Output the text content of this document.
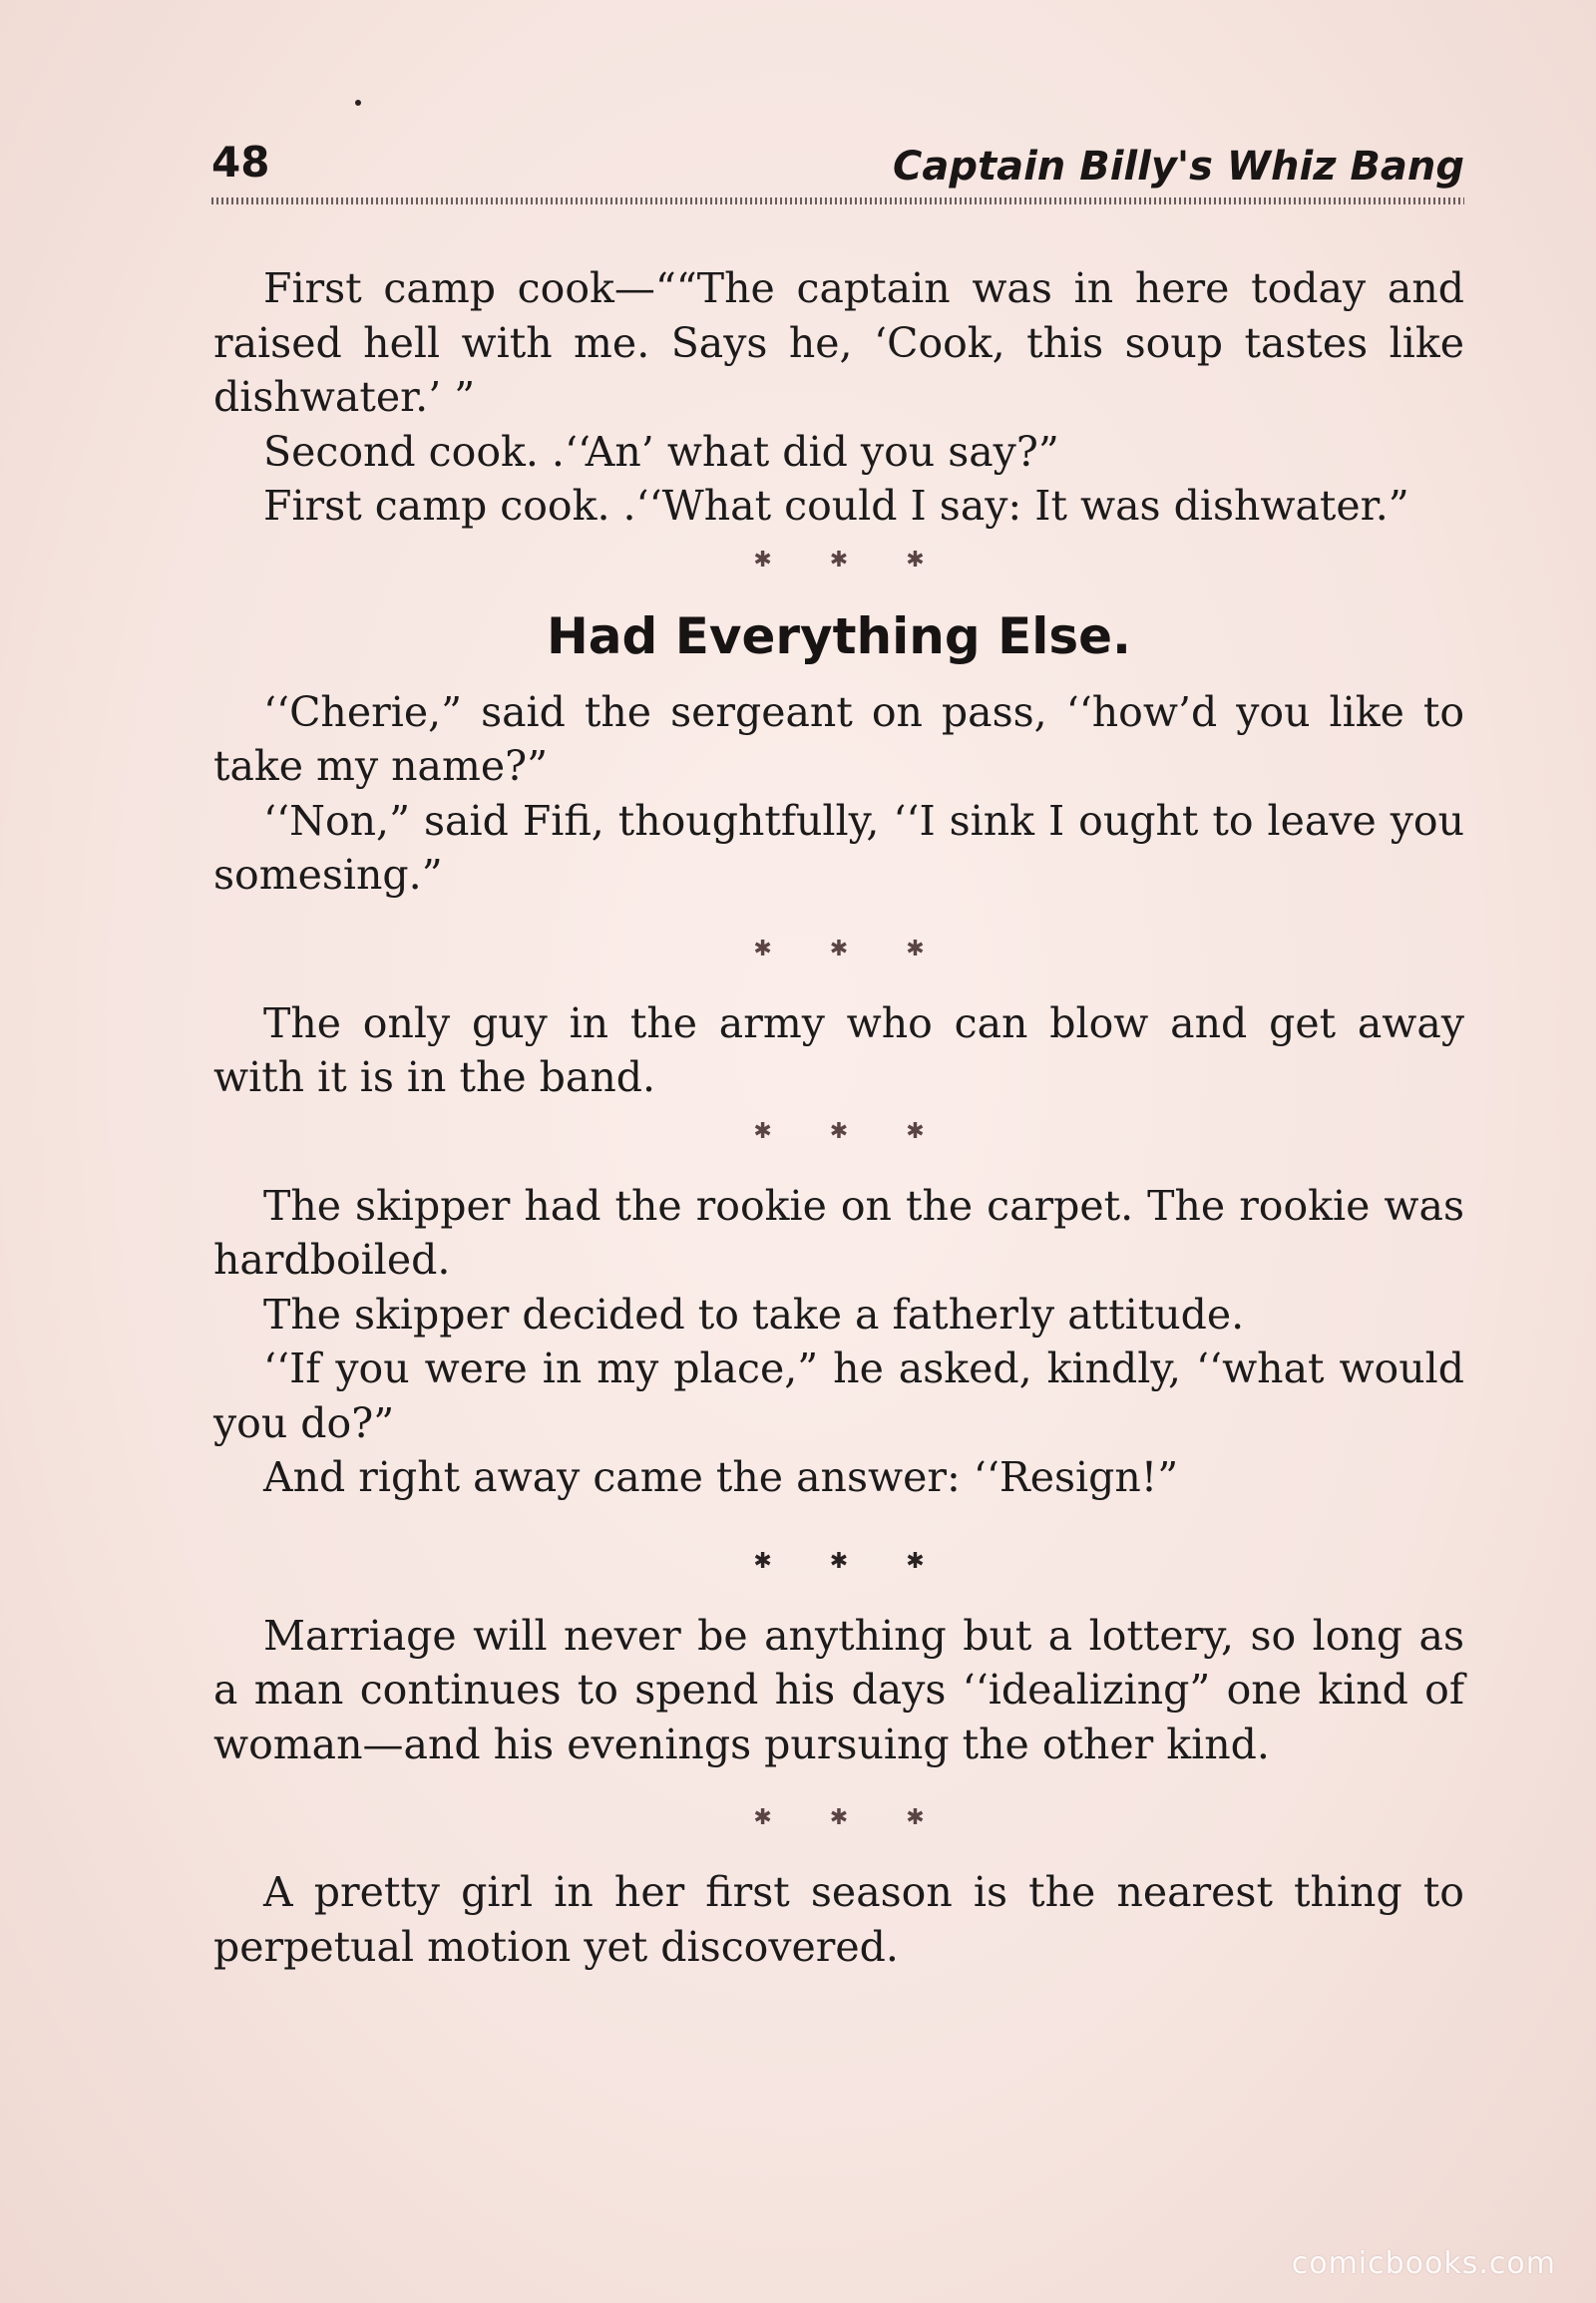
48	Captain Billy's Whiz Bang

First camp cook—““The captain was in here today and raised hell with me. Says he, ‘Cook, this soup tastes like dishwater.’ ”

Second cook. .‘‘An’ what did you say?”

First camp cook. .‘‘What could I say: It was dishwater.”

✱	✱	✱
Had Everything Else.

‘‘Cherie,” said the sergeant on pass, ‘‘how’d you like to take my name?”

‘‘Non,” said Fifi, thoughtfully, ‘‘I sink I ought to leave you somesing.”

✱	✱	✱

The only guy in the army who can blow and get away with it is in the band.

✱	✱	✱

The skipper had the rookie on the carpet. The rookie was hardboiled.

The skipper decided to take a fatherly attitude.

‘‘If you were in my place,” he asked, kindly, ‘‘what would you do?”

And right away came the answer: ‘‘Resign!”

✱	✱	✱

Marriage will never be anything but a lottery, so long as a man continues to spend his days ‘‘idealizing” one kind of woman—and his evenings pursuing the other kind.

✱	✱	✱

A pretty girl in her first season is the nearest thing to perpetual motion yet discovered.

comicbooks.com
